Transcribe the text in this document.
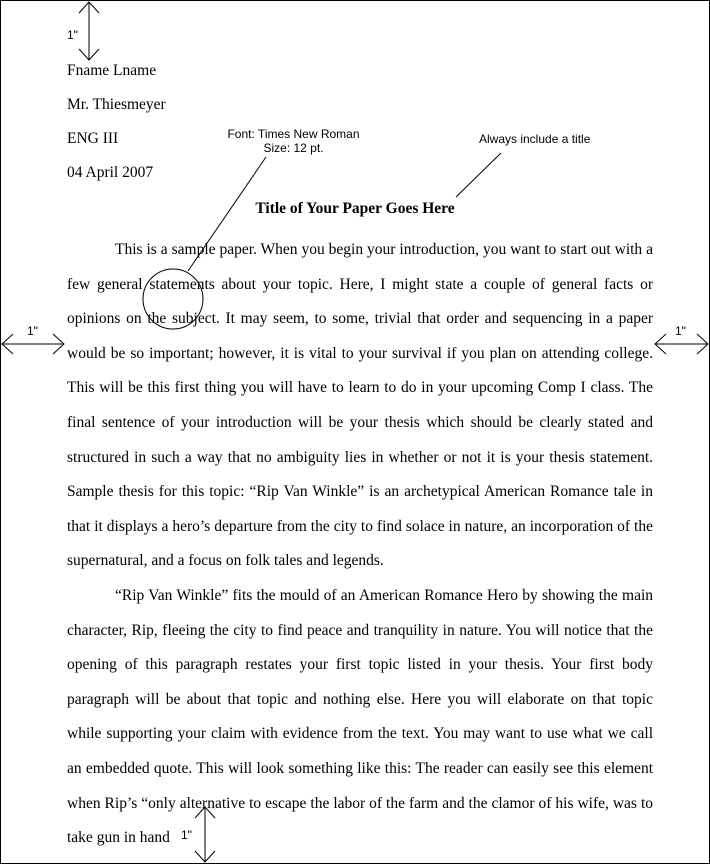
Fname Lname
Mr. Thiesmeyer
ENG III
04 April 2007
Title of Your Paper Goes Here

This is a sample paper. When you begin your introduction, you want to start out with a few general statements about your topic. Here, I might state a couple of general facts or opinions on the subject. It may seem, to some, trivial that order and sequencing in a paper would be so important; however, it is vital to your survival if you plan on attending college. This will be this first thing you will have to learn to do in your upcoming Comp I class. The final sentence of your introduction will be your thesis which should be clearly stated and structured in such a way that no ambiguity lies in whether or not it is your thesis statement. Sample thesis for this topic: “Rip Van Winkle” is an archetypical American Romance tale in that it displays a hero’s departure from the city to find solace in nature, an incorporation of the supernatural, and a focus on folk tales and legends.

“Rip Van Winkle” fits the mould of an American Romance Hero by showing the main character, Rip, fleeing the city to find peace and tranquility in nature. You will notice that the opening of this paragraph restates your first topic listed in your thesis. Your first body paragraph will be about that topic and nothing else. Here you will elaborate on that topic while supporting your claim with evidence from the text. You may want to use what we call an embedded quote. This will look something like this: The reader can easily see this element when Rip’s “only alternative to escape the labor of the farm and the clamor of his wife, was to take gun in hand

1"
1"	1"
1"
Font: Times New Roman
Size: 12 pt.
Always include a title
